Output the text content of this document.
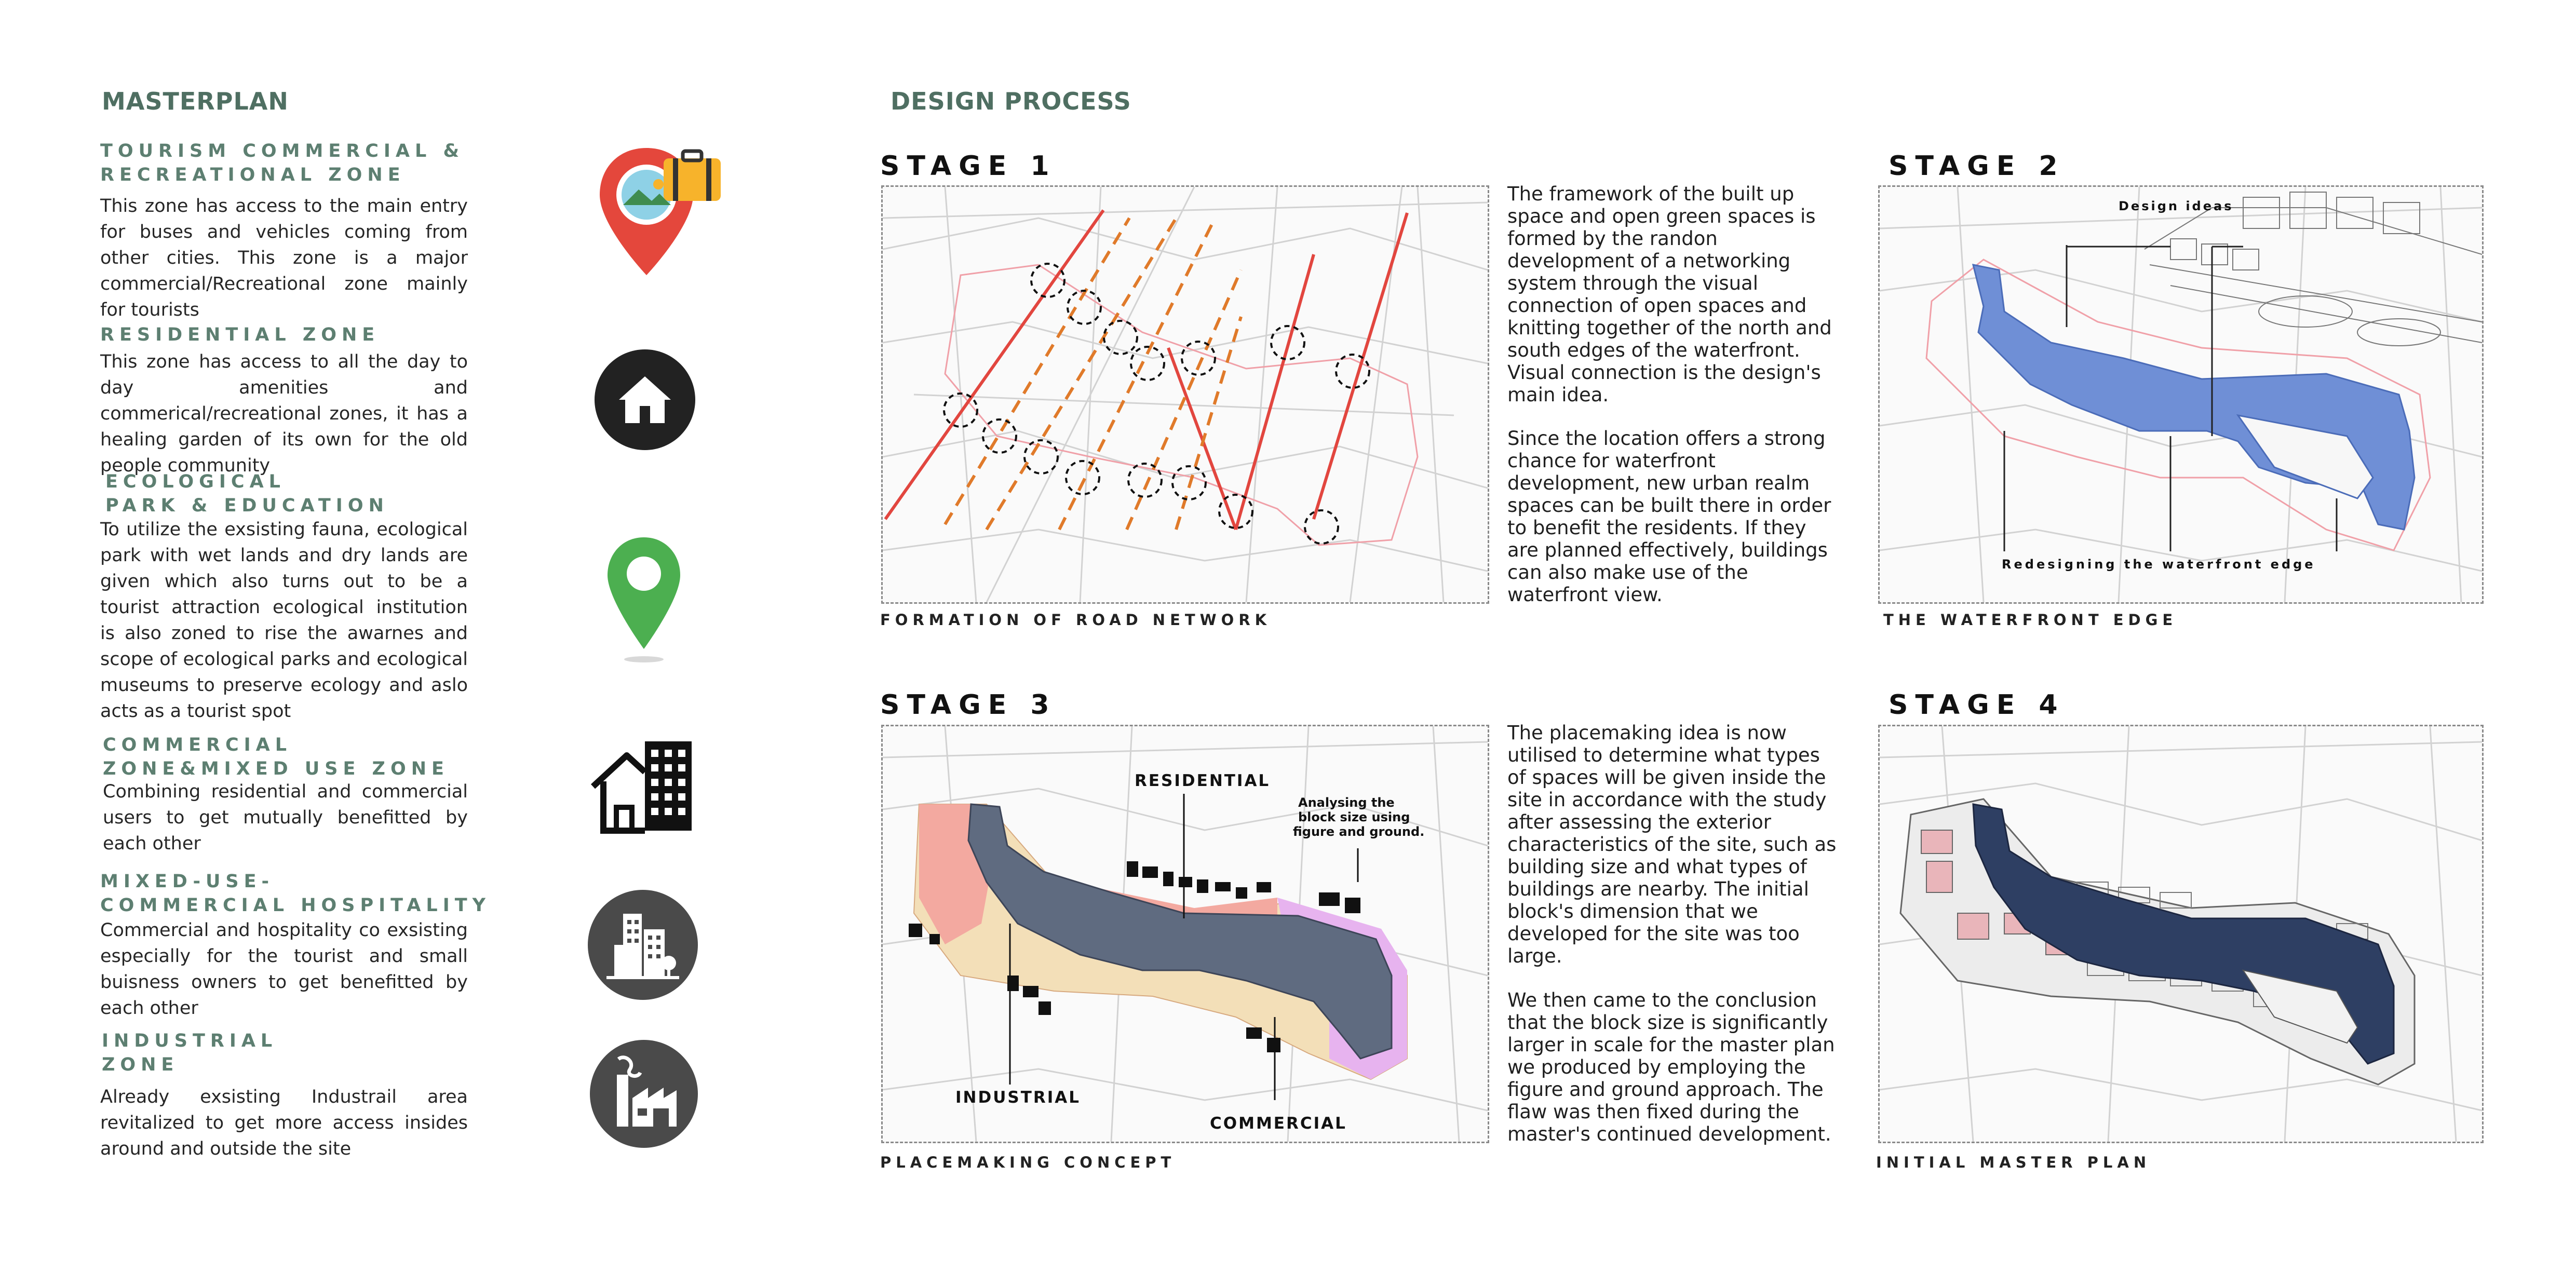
MASTERPLAN
TOURISM COMMERCIAL &
RECREATIONAL ZONE
This zone has access to the main entry for buses and vehicles coming from other cities. This zone is a major commercial/Recreational zone mainly for tourists
RESIDENTIAL ZONE
This zone has access to all the day to day amenities and commerical/recreational zones, it has a healing garden of its own for the old people community
ECOLOGICAL
PARK & EDUCATION
To utilize the exsisting fauna, ecological park with wet lands and dry lands are given which also turns out to be a tourist attraction ecological institution is also zoned to rise the awarnes and scope of ecological parks and ecological museums to preserve ecology and aslo acts as a tourist spot
COMMERCIAL
ZONE&MIXED USE ZONE
Combining residential and commercial users to get mutually benefitted by each other
MIXED-USE-
COMMERCIAL HOSPITALITY
Commercial and hospitality co exsisting especially for the tourist and small buisness owners to get benefitted by each other
INDUSTRIAL
ZONE
Already exsisting Industrail area revitalized to get more access insides around and outside the site
DESIGN PROCESS
STAGE 1	STAGE 2
STAGE 3	STAGE 4
FORMATION OF ROAD NETWORK	THE WATERFRONT EDGE
PLACEMAKING CONCEPT	INITIAL MASTER PLAN
The framework of the built up
space and open green spaces is
formed by the randon
development of a networking
system through the visual
connection of open spaces and
knitting together of the north and
south edges of the waterfront.
Visual connection is the design's
main idea.
Since the location offers a strong
chance for waterfront
development, new urban realm
spaces can be built there in order
to benefit the residents. If they
are planned effectively, buildings
can also make use of the
waterfront view.
The placemaking idea is now
utilised to determine what types
of spaces will be given inside the
site in accordance with the study
after assessing the exterior
characteristics of the site, such as
building size and what types of
buildings are nearby. The initial
block's dimension that we
developed for the site was too
large.
We then came to the conclusion
that the block size is significantly
larger in scale for the master plan
we produced by employing the
figure and ground approach. The
flaw was then fixed during the
master's continued development.
Design ideas
Redesigning the waterfront edge
RESIDENTIAL
Analysing the
block size using
figure and ground.
INDUSTRIAL
COMMERCIAL
